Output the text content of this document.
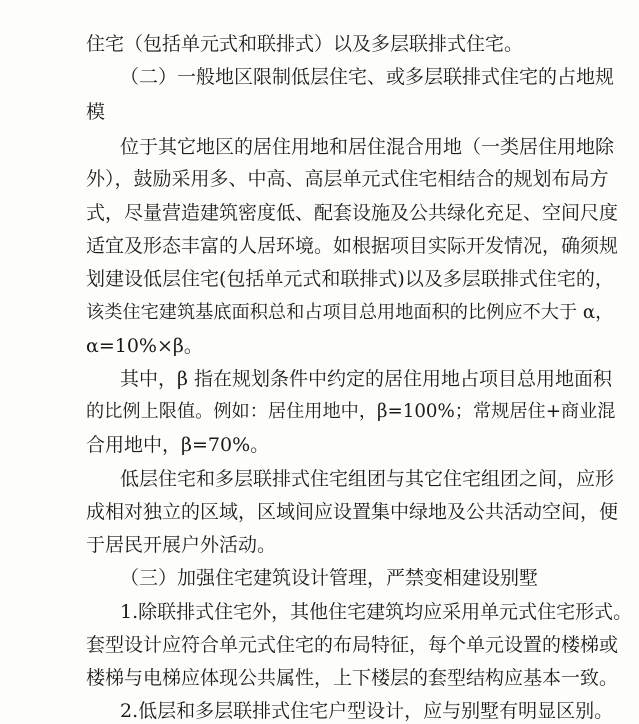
住宅（包括单元式和联排式）以及多层联排式住宅。
（二）一般地区限制低层住宅、或多层联排式住宅的占地规
模
位于其它地区的居住用地和居住混合用地（一类居住用地除
外），鼓励采用多、中高、高层单元式住宅相结合的规划布局方
式，尽量营造建筑密度低、配套设施及公共绿化充足、空间尺度
适宜及形态丰富的人居环境。如根据项目实际开发情况，确须规
划建设低层住宅(包括单元式和联排式)以及多层联排式住宅的，
该类住宅建筑基底面积总和占项目总用地面积的比例应不大于 α，
α=10%×β。
其中，β 指在规划条件中约定的居住用地占项目总用地面积
的比例上限值。例如：居住用地中，β=100%；常规居住+商业混
合用地中，β=70%。
低层住宅和多层联排式住宅组团与其它住宅组团之间，应形
成相对独立的区域，区域间应设置集中绿地及公共活动空间，便
于居民开展户外活动。
（三）加强住宅建筑设计管理，严禁变相建设别墅
1.除联排式住宅外，其他住宅建筑均应采用单元式住宅形式。
套型设计应符合单元式住宅的布局特征，每个单元设置的楼梯或
楼梯与电梯应体现公共属性，上下楼层的套型结构应基本一致。
2.低层和多层联排式住宅户型设计，应与别墅有明显区别。
